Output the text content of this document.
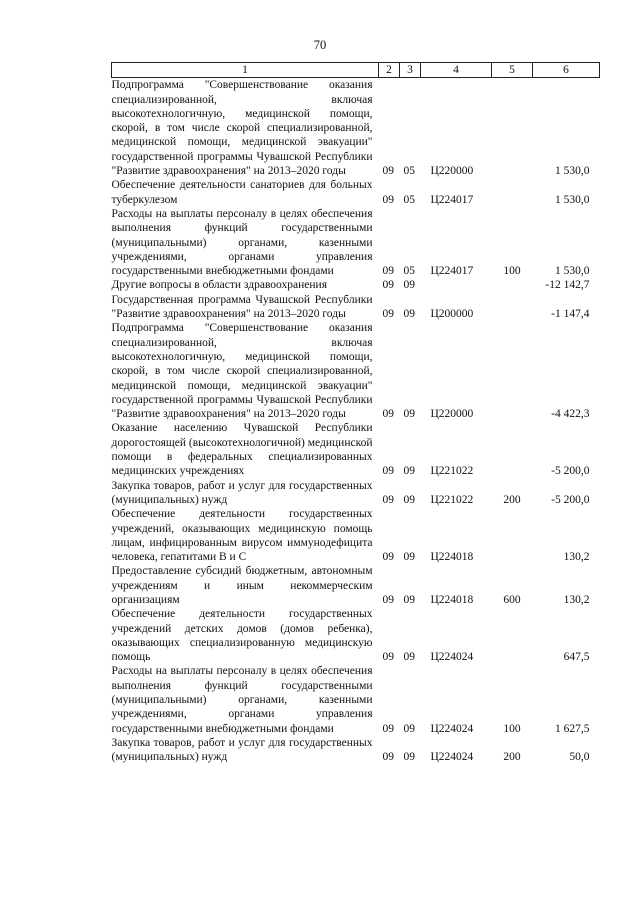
70
1	2	3	4	5	6
Подпрограмма "Совершенствование оказания специализированной, включая высокотехнологичную, медицинской помощи, скорой, в том числе скорой специализированной, медицинской помощи, медицинской эвакуации" государственной программы Чувашской Республики "Развитие здравоохранения" на 2013–2020 годы	09	05	Ц220000		1 530,0
Обеспечение деятельности санаториев для больных туберкулезом	09	05	Ц224017		1 530,0
Расходы на выплаты персоналу в целях обеспечения выполнения функций государственными (муниципальными) органами, казенными учреждениями, органами управления государственными внебюджетными фондами	09	05	Ц224017	100	1 530,0
Другие вопросы в области здравоохранения	09	09			-12 142,7
Государственная программа Чувашской Республики "Развитие здравоохранения" на 2013–2020 годы	09	09	Ц200000		-1 147,4
Подпрограмма "Совершенствование оказания специализированной, включая высокотехнологичную, медицинской помощи, скорой, в том числе скорой специализированной, медицинской помощи, медицинской эвакуации" государственной программы Чувашской Республики "Развитие здравоохранения" на 2013–2020 годы	09	09	Ц220000		-4 422,3
Оказание населению Чувашской Республики дорогостоящей (высокотехнологичной) медицинской помощи в федеральных специализированных медицинских учреждениях	09	09	Ц221022		-5 200,0
Закупка товаров, работ и услуг для государственных (муниципальных) нужд	09	09	Ц221022	200	-5 200,0
Обеспечение деятельности государственных учреждений, оказывающих медицинскую помощь лицам, инфицированным вирусом иммунодефицита человека, гепатитами В и С	09	09	Ц224018		130,2
Предоставление субсидий бюджетным, автономным учреждениям и иным некоммерческим организациям	09	09	Ц224018	600	130,2
Обеспечение деятельности государственных учреждений детских домов (домов ребенка), оказывающих специализированную медицинскую помощь	09	09	Ц224024		647,5
Расходы на выплаты персоналу в целях обеспечения выполнения функций государственными (муниципальными) органами, казенными учреждениями, органами управления государственными внебюджетными фондами	09	09	Ц224024	100	1 627,5
Закупка товаров, работ и услуг для государственных (муниципальных) нужд	09	09	Ц224024	200	50,0
